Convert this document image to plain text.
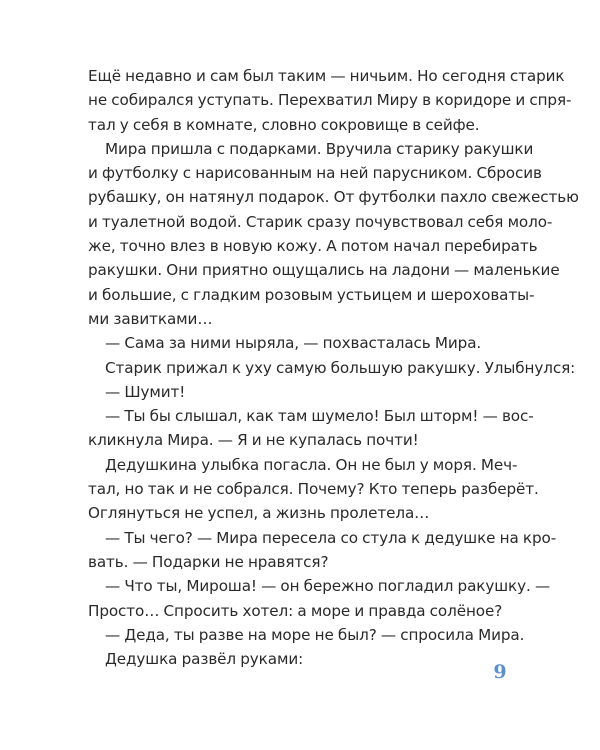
Ещё недавно и сам был таким — ничьим. Но сегодня старик

не собирался уступать. Перехватил Миру в коридоре и спря-

тал у себя в комнате, словно сокровище в сейфе.

Мира пришла с подарками. Вручила старику ракушки

и футболку с нарисованным на ней парусником. Сбросив

рубашку, он натянул подарок. От футболки пахло свежестью

и туалетной водой. Старик сразу почувствовал себя моло-

же, точно влез в новую кожу. А потом начал перебирать

ракушки. Они приятно ощущались на ладони — маленькие

и большие, с гладким розовым устьицем и шероховаты-

ми завитками…

— Сама за ними ныряла, — похвасталась Мира.

Старик прижал к уху самую большую ракушку. Улыбнулся:

— Шумит!

— Ты бы слышал, как там шумело! Был шторм! — вос-

кликнула Мира. — Я и не купалась почти!

Дедушкина улыбка погасла. Он не был у моря. Меч-

тал, но так и не собрался. Почему? Кто теперь разберёт.

Оглянуться не успел, а жизнь пролетела…

— Ты чего? — Мира пересела со стула к дедушке на кро-

вать. — Подарки не нравятся?

— Что ты, Мироша! — он бережно погладил ракушку. —

Просто… Спросить хотел: а море и правда солёное?

— Деда, ты разве на море не был? — спросила Мира.

Дедушка развёл руками:

9
